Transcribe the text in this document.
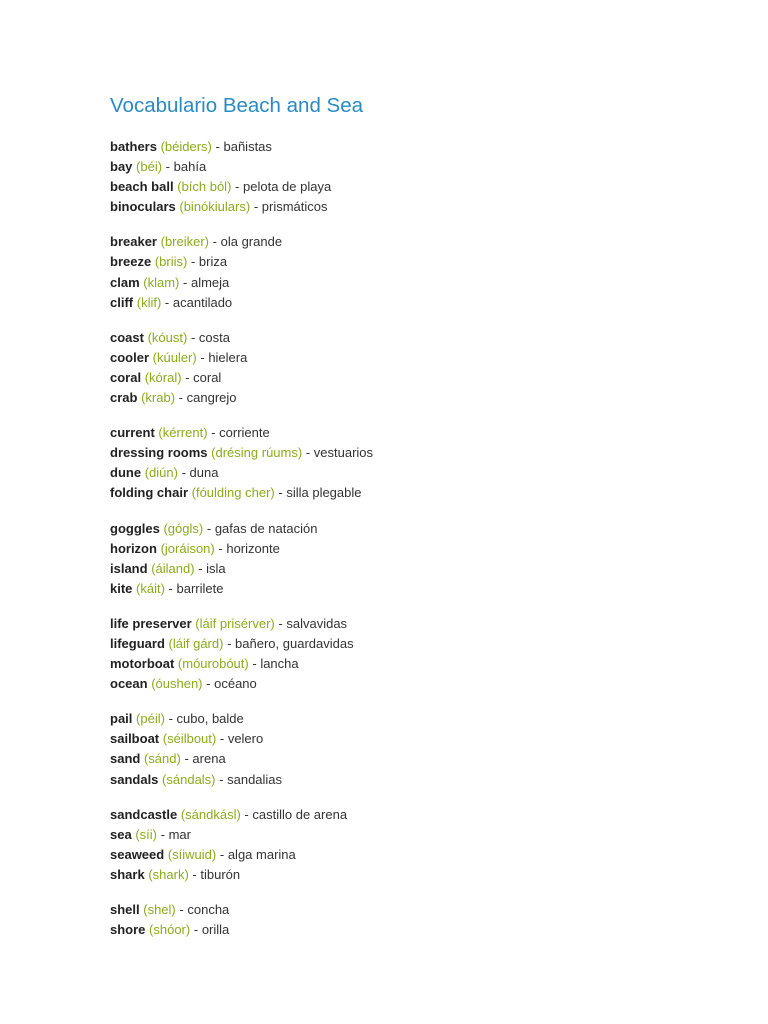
Vocabulario Beach and Sea
bathers (béiders) - bañistas
bay (béi) - bahía
beach ball (bích ból) - pelota de playa
binoculars (binókiulars) - prismáticos
breaker (breiker) - ola grande
breeze (briis) - briza
clam (klam) - almeja
cliff (klif) - acantilado
coast (kóust) - costa
cooler (kúuler) - hielera
coral (kóral) - coral
crab (krab) - cangrejo
current (kérrent) - corriente
dressing rooms (drésing rúums) - vestuarios
dune (diún) - duna
folding chair (fóulding cher) - silla plegable
goggles (gógls) - gafas de natación
horizon (joráison) - horizonte
island (áiland) - isla
kite (káit) - barrilete
life preserver (láif prisérver) - salvavidas
lifeguard (láif gárd) - bañero, guardavidas
motorboat (móurobóut) - lancha
ocean (óushen) - océano
pail (péil) - cubo, balde
sailboat (séilbout) - velero
sand (sánd) - arena
sandals (sándals) - sandalias
sandcastle (sándkásl) - castillo de arena
sea (síi) - mar
seaweed (síiwuid) - alga marina
shark (shark) - tiburón
shell (shel) - concha
shore (shóor) - orilla
